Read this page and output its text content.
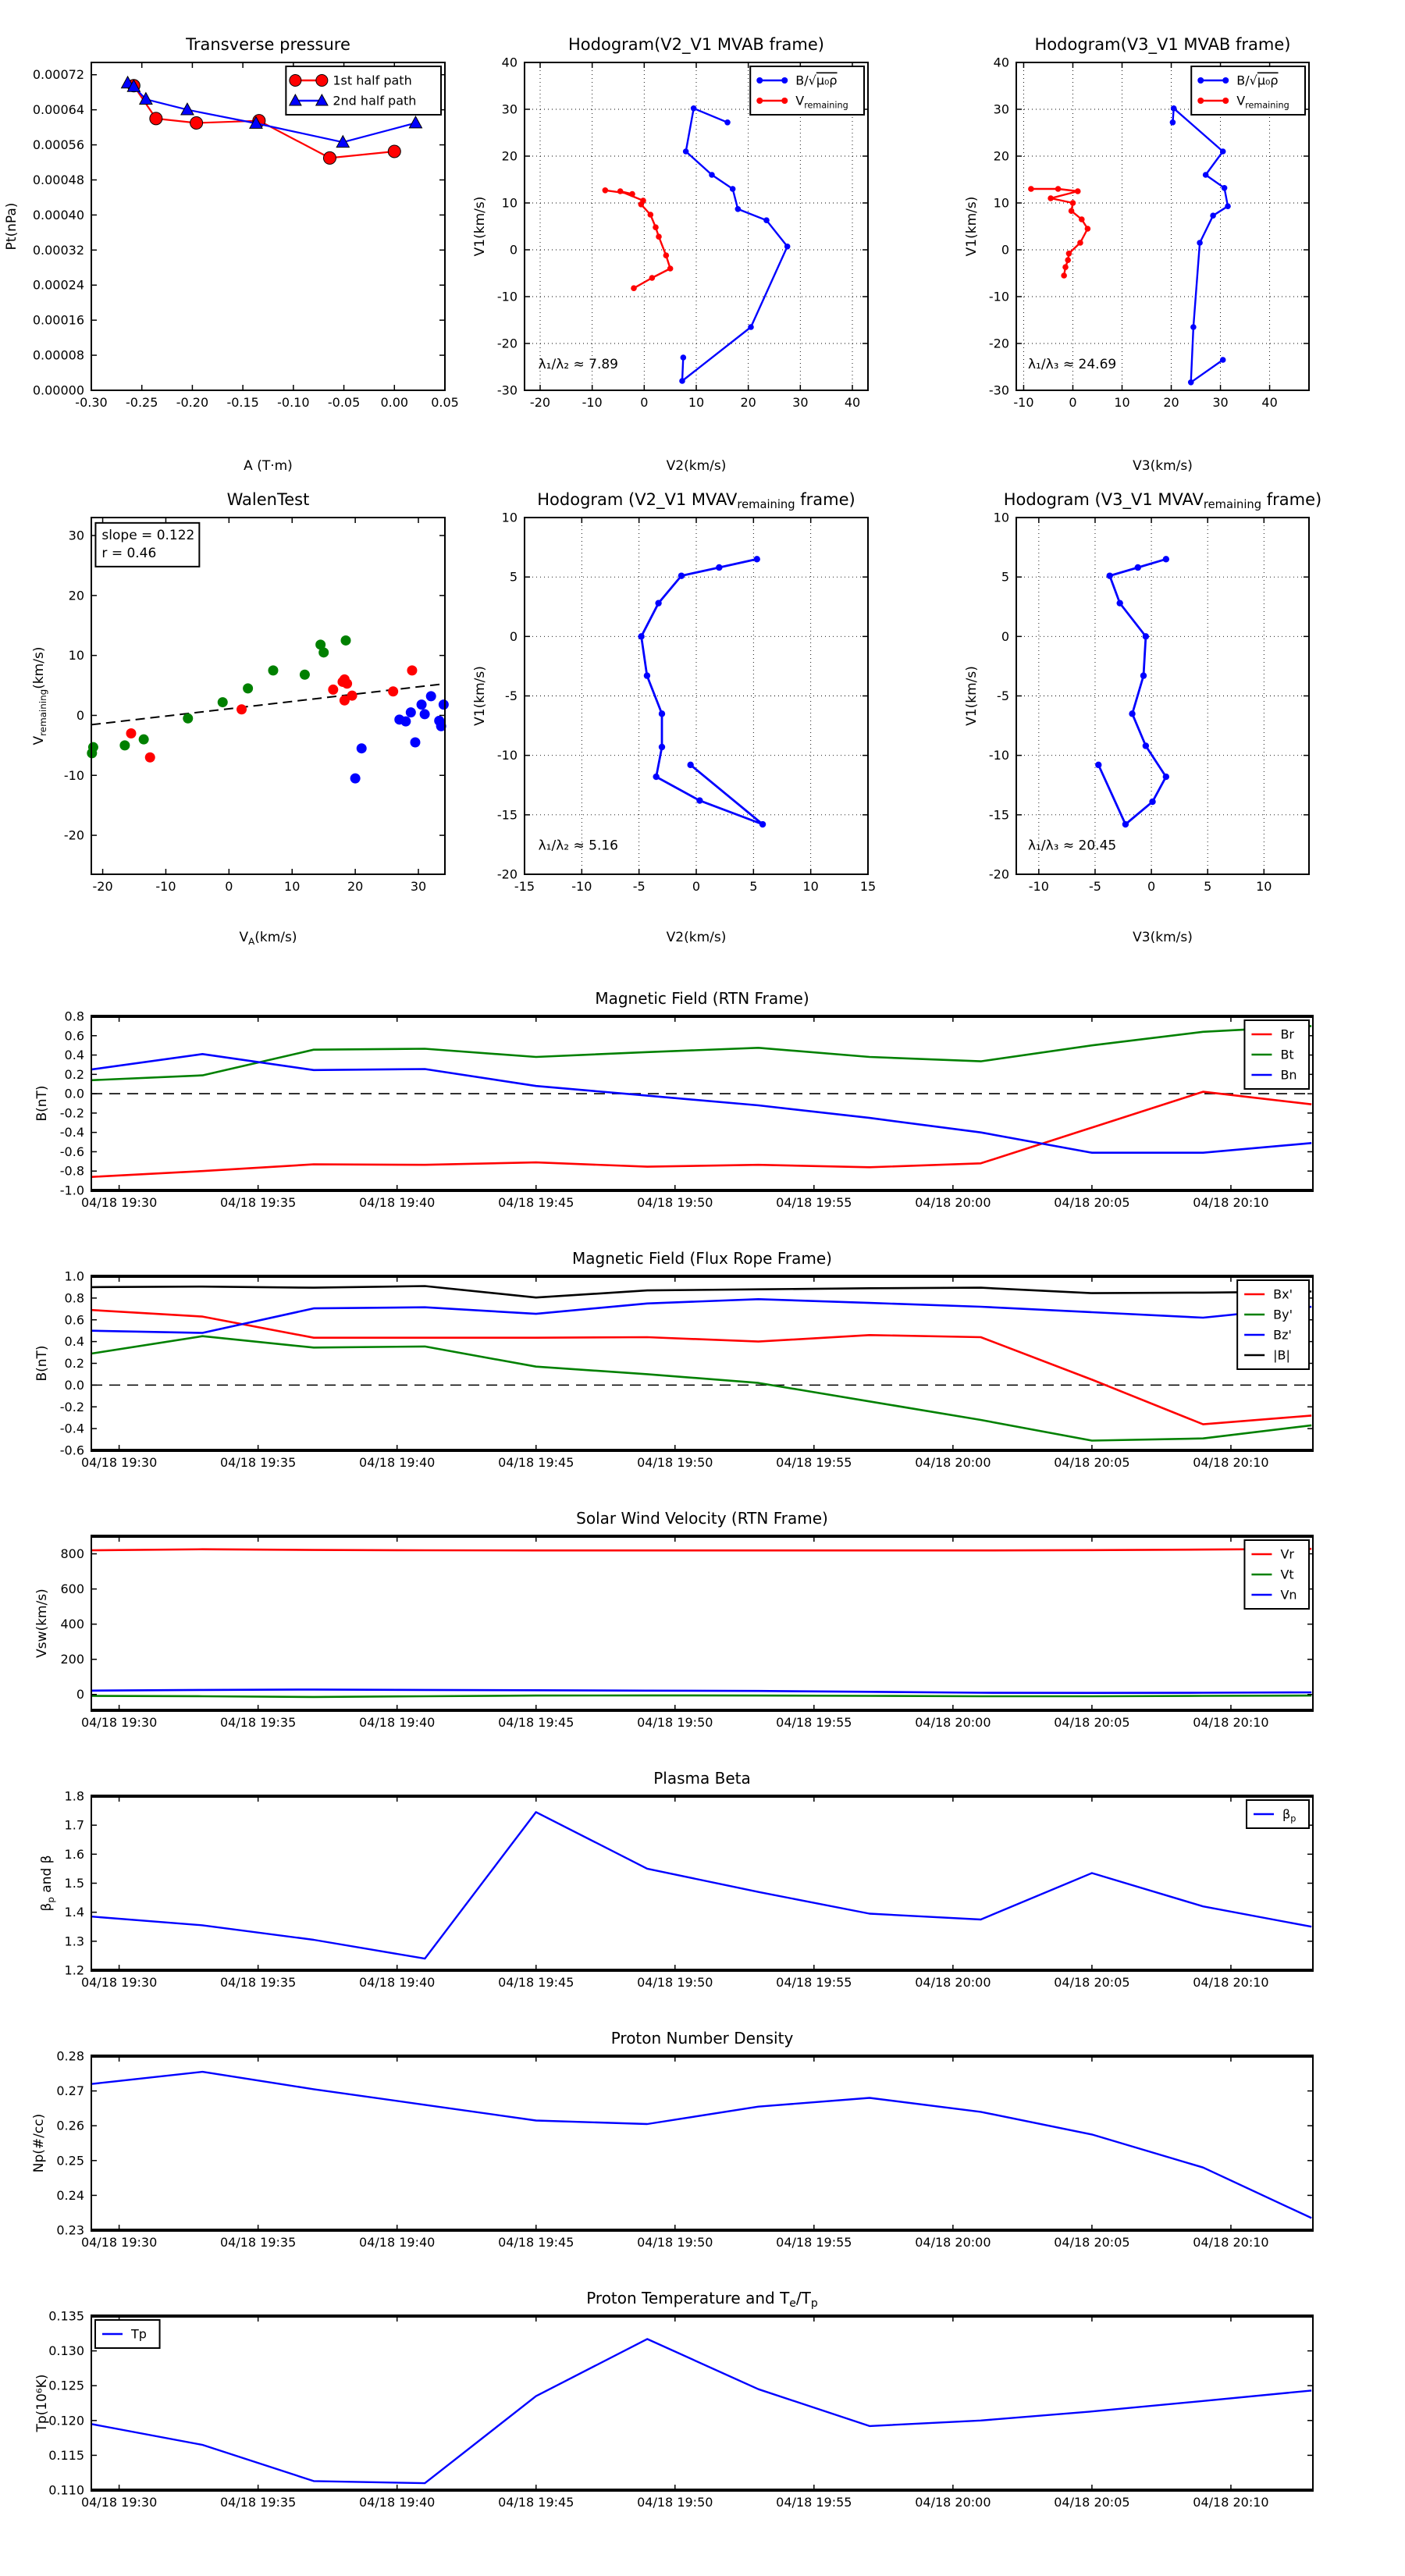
-0.30 -0.25 -0.20 -0.15 -0.10 -0.05 0.00 0.05
0.00000
0.00008
0.00016
0.00024
0.00032
0.00040
0.00048
0.00056
0.00064
0.00072
Transverse pressure
A (T·m)
Pt(nPa)
1st half path
2nd half path
-20	-10	0	10	20	30	40
-30
-20
-10
0
10
20
30
40
Hodogram(V2_V1 MVAB frame)
V2(km/s)
V1(km/s)
B/√μ₀ρ
$V_{remaining}$
λ₁/λ₂ ≈ 7.89
-10	0	10	20	30	40
-30
-20
-10
0
10
20
30
40
Hodogram(V3_V1 MVAB frame)
V3(km/s)
V1(km/s)
B/√μ₀ρ
$V_{remaining}$
λ₁/λ₃ ≈ 24.69
-20	-10	0	10	20	30
-20
-10
0
10
20
30
WalenTest
$V_A(km/s)$
$V_{remaining}(km/s)$
slope = 0.122
r = 0.46
-15	-10	-5	0	5	10	15
-20
-15
-10
-5
0
5
10
Hodogram (V2_V1 MVAVremaining frame)
V2(km/s)
V1(km/s)
λ₁/λ₂ ≈ 5.16
-10	-5	0	5	10
-20
-15
-10
-5
0
5
10
Hodogram (V3_V1 MVAVremaining frame)
V3(km/s)
V1(km/s)
λ₁/λ₃ ≈ 20.45
04/18 19:30	04/18 19:35	04/18 19:40	04/18 19:45	04/18 19:50	04/18 19:55	04/18 20:00	04/18 20:05	04/18 20:10
-1.0
-0.8
-0.6
-0.4
-0.2
0.0
0.2
0.4
0.6
0.8
Magnetic Field (RTN Frame)
B(nT)
Br
Bt
Bn
04/18 19:30	04/18 19:35	04/18 19:40	04/18 19:45	04/18 19:50	04/18 19:55	04/18 20:00	04/18 20:05	04/18 20:10
-0.6
-0.4
-0.2
0.0
0.2
0.4
0.6
0.8
1.0
Magnetic Field (Flux Rope Frame)
B(nT)
Bx'
By'
Bz'
|B|
04/18 19:30	04/18 19:35	04/18 19:40	04/18 19:45	04/18 19:50	04/18 19:55	04/18 20:00	04/18 20:05	04/18 20:10
0
200
400
600
800
Solar Wind Velocity (RTN Frame)
Vsw(km/s)
Vr
Vt
Vn
04/18 19:30	04/18 19:35	04/18 19:40	04/18 19:45	04/18 19:50	04/18 19:55	04/18 20:00	04/18 20:05	04/18 20:10
1.2
1.3
1.4
1.5
1.6
1.7
1.8
Plasma Beta
$\beta_p$ and β
$\beta_p$
04/18 19:30	04/18 19:35	04/18 19:40	04/18 19:45	04/18 19:50	04/18 19:55	04/18 20:00	04/18 20:05	04/18 20:10
0.23
0.24
0.25
0.26
0.27
0.28
Proton Number Density
Np(#/cc)
04/18 19:30	04/18 19:35	04/18 19:40	04/18 19:45	04/18 19:50	04/18 19:55	04/18 20:00	04/18 20:05	04/18 20:10
0.110
0.115
0.120
0.125
0.130
0.135
Proton Temperature and $T_e/T_p$
Tp(10⁶K)
Tp
